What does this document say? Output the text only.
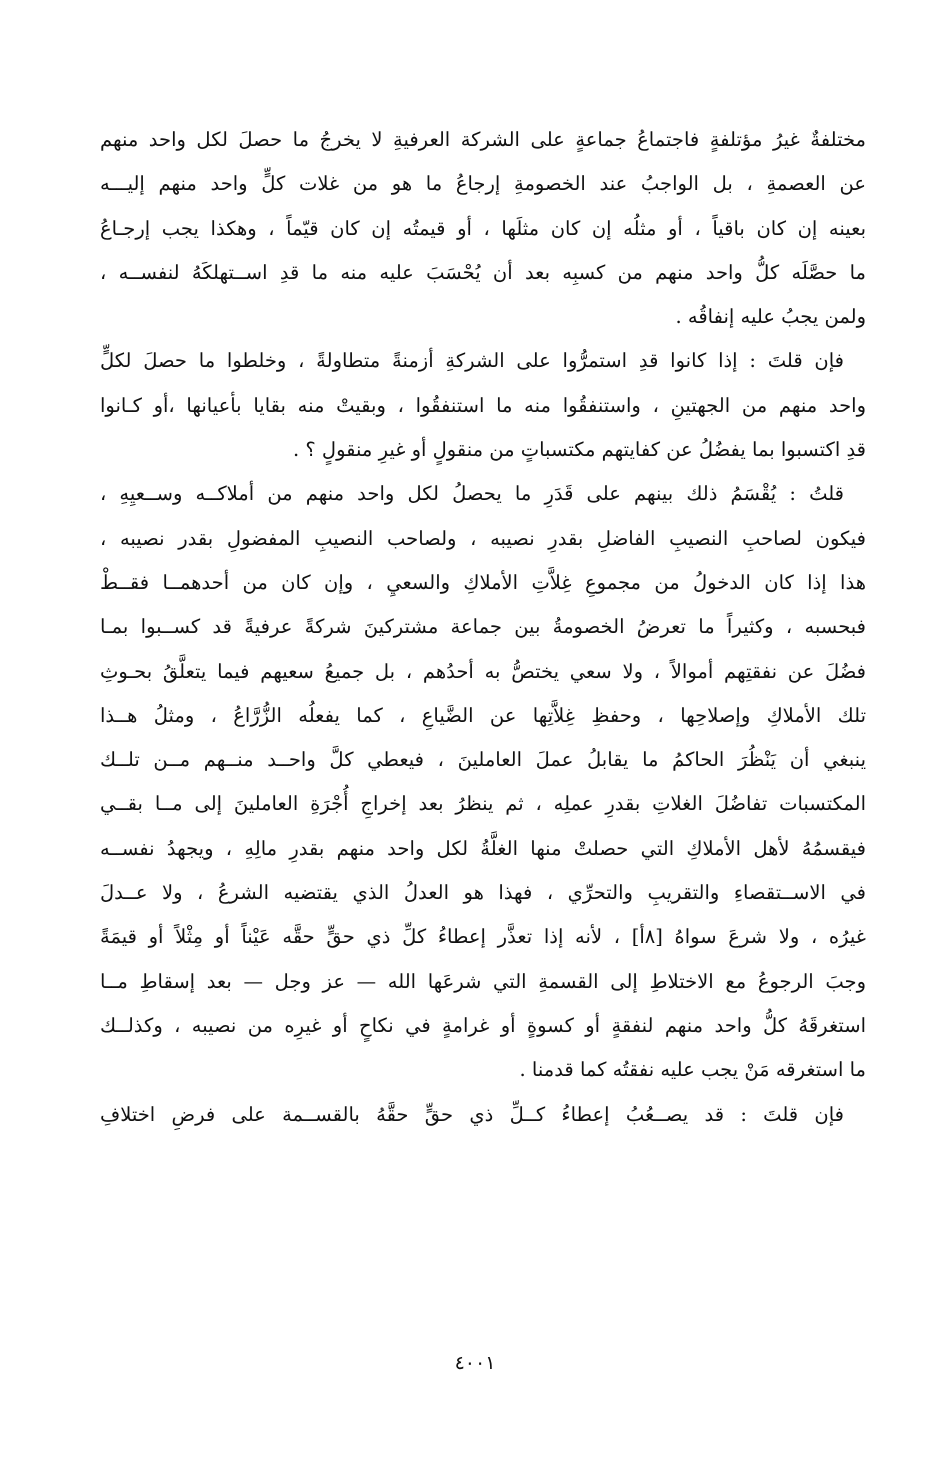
مختلفةٌ غيرُ مؤتلفةٍ فاجتماعُ جماعةٍ على الشركة العرفيةِ لا يخرجُ ما حصلَ لكل واحد منهم
عن العصمةِ ، بل الواجبُ عند الخصومةِ إرجاعُ ما هو من غلات كلٍّ واحد منهم إليـــه
بعينه إن كان باقياً ، أو مثلُه إن كان مثلَها ، أو قيمتُه إن كان قيّماً ، وهكذا يجب إرجـاعُ
ما حصَّلَه كلُّ واحد منهم من كسبِه بعد أن يُحْسَبَ عليه منه ما قدِ اســتهلكَهُ لنفســه ،
ولمن يجبُ عليه إنفاقُه .
فإن قلتَ : إذا كانوا قدِ استمرُّوا على الشركةِ أزمنةً متطاولةً ، وخلطوا ما حصلَ لكلٍّ
واحد منهم من الجهتينِ ، واستنفقُوا منه ما استنفقُوا ، وبقيتْ منه بقايا بأعيانها ،أو كـانوا
قدِ اكتسبوا بما يفضُلُ عن كفايتهم مكتسباتٍ من منقولٍ أو غيرِ منقولٍ ؟ .
قلتُ : يُقْسَمُ ذلك بينهم على قَدَرِ ما يحصلُ لكل واحد منهم من أملاكــه وســعيِهِ ،
فيكون لصاحبِ النصيبِ الفاضلِ بقدرِ نصيبه ، ولصاحب النصيبِ المفضولِ بقدر نصيبه ،
هذا إذا كان الدخولُ من مجموعِ غِلاَّتِ الأملاكِ والسعيِ ، وإن كان من أحدهمــا فقــطْ
فبحسبه ، وكثيراً ما تعرضُ الخصومةُ بين جماعة مشتركينَ شركةً عرفيةً قد كســبوا بمـا
فضُلَ عن نفقتِهم أموالاً ، ولا سعي يختصُّ به أحدُهم ، بل جميعُ سعيهم فيما يتعلَّقُ بحـوثِ
تلك الأملاكِ وإصلاحِها ، وحفظِ غِلاَّتِها عن الضَّياعِ ، كما يفعلُه الزُّرَّاعُ ، ومثلُ هــذا
ينبغي أن يَنْظُرَ الحاكمُ ما يقابلُ عملَ العاملينَ ، فيعطي كلَّ واحــد منــهم مــن تلــك
المكتسبات تفاضُلَ الغلاتِ بقدرِ عملِه ، ثم ينظرُ بعد إخراجِ أُجْرَةِ العاملينَ إلى مــا بقــي
فيقسمُهُ لأهل الأملاكِ التي حصلتْ منها الغلَّةُ لكل واحد منهم بقدرِ مالِهِ ، ويجهدُ نفســه
في الاســتقصاءِ والتقريبِ والتحرِّي ، فهذا هو العدلُ الذي يقتضيه الشرعُ ، ولا عــدلَ
غيرُه ، ولا شرعَ سواهُ [٨أ] ، لأنه إذا تعذَّر إعطاءُ كلِّ ذي حقٍّ حقَّه عَيْناً أو مِثْلاً أو قيمَةً
وجبَ الرجوعُ مع الاختلاطِ إلى القسمةِ التي شرعَها الله — عز وجل — بعد إسقاطِ مــا
استغرقَهُ كلُّ واحد منهم لنفقةٍ أو كسوةٍ أو غرامةٍ في نكاحٍ أو غيرِه من نصيبه ، وكذلــك
ما استغرقه مَنْ يجب عليه نفقتُه كما قدمنا .
فإن قلتَ : قد يصــعُبُ إعطاءُ كــلِّ ذي حقٍّ حقَّهُ بالقســمة على فرضِ اختلافِ
٤٠٠١
